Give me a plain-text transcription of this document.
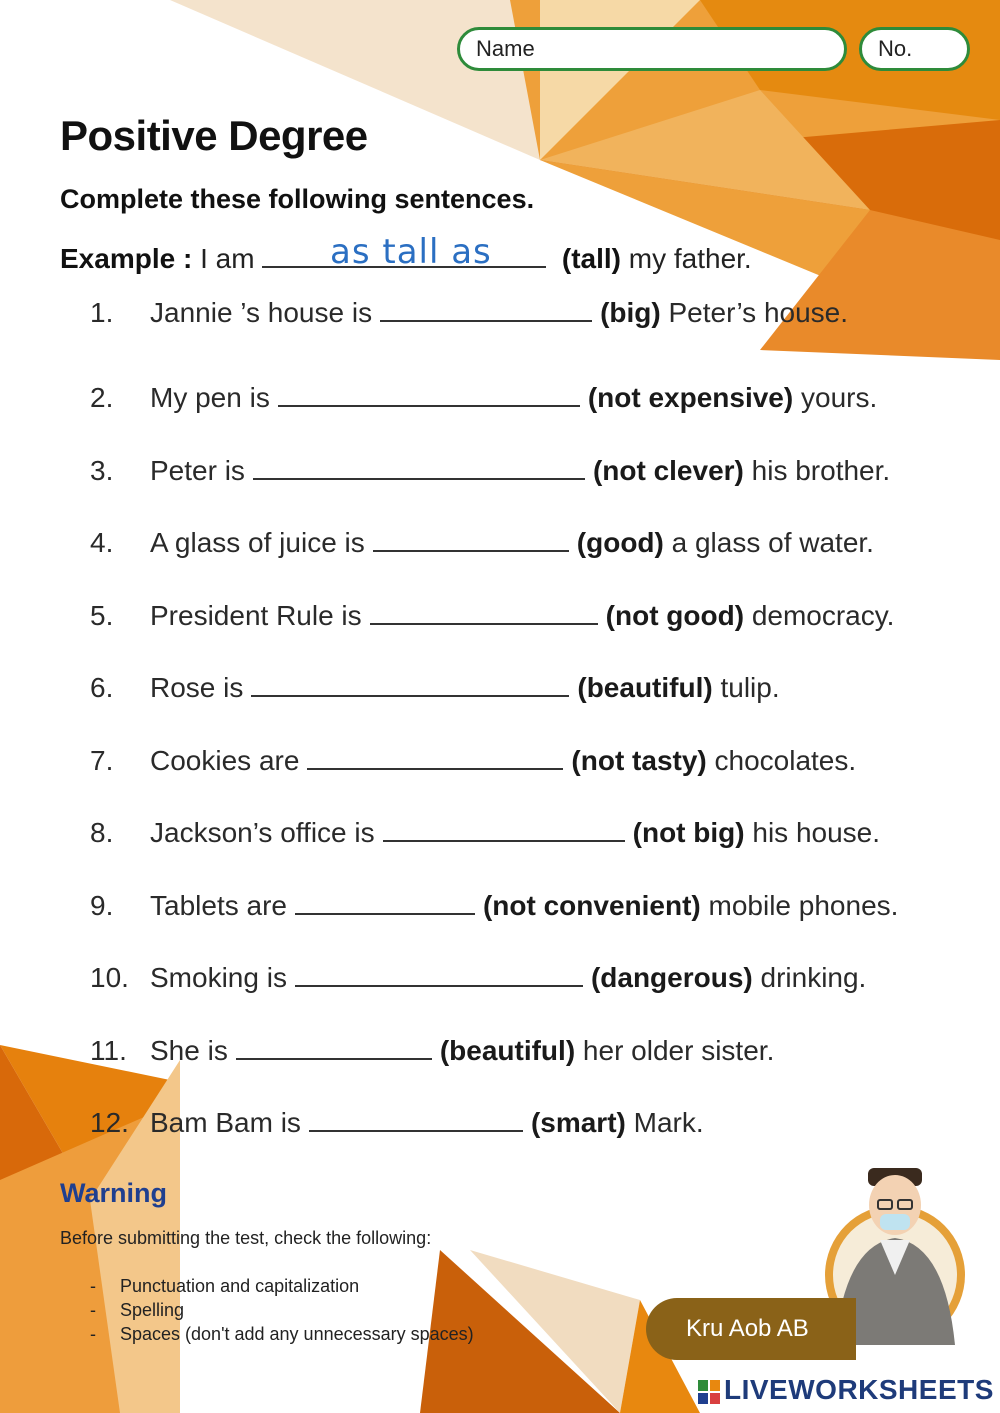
Name	No.
Positive Degree
Complete these following sentences.
Example : I am	(tall) my father.
as tall as
1. Jannie ’s house is	(big) Peter’s house.
2. My pen is	(not expensive) yours.
3. Peter is	(not clever) his brother.
4. A glass of juice is	(good) a glass of water.
5. President Rule is	(not good) democracy.
6. Rose is	(beautiful) tulip.
7. Cookies are	(not tasty) chocolates.
8. Jackson’s office is	(not big) his house.
9. Tablets are	(not convenient) mobile phones.
10. Smoking is	(dangerous) drinking.
11. She is	(beautiful) her older sister.
12. Bam Bam is	(smart) Mark.
Warning
Before submitting the test, check the following:
- Punctuation and capitalization
- Spelling
- Spaces (don't add any unnecessary spaces)	Kru Aob AB
LIVEWORKSHEETS
